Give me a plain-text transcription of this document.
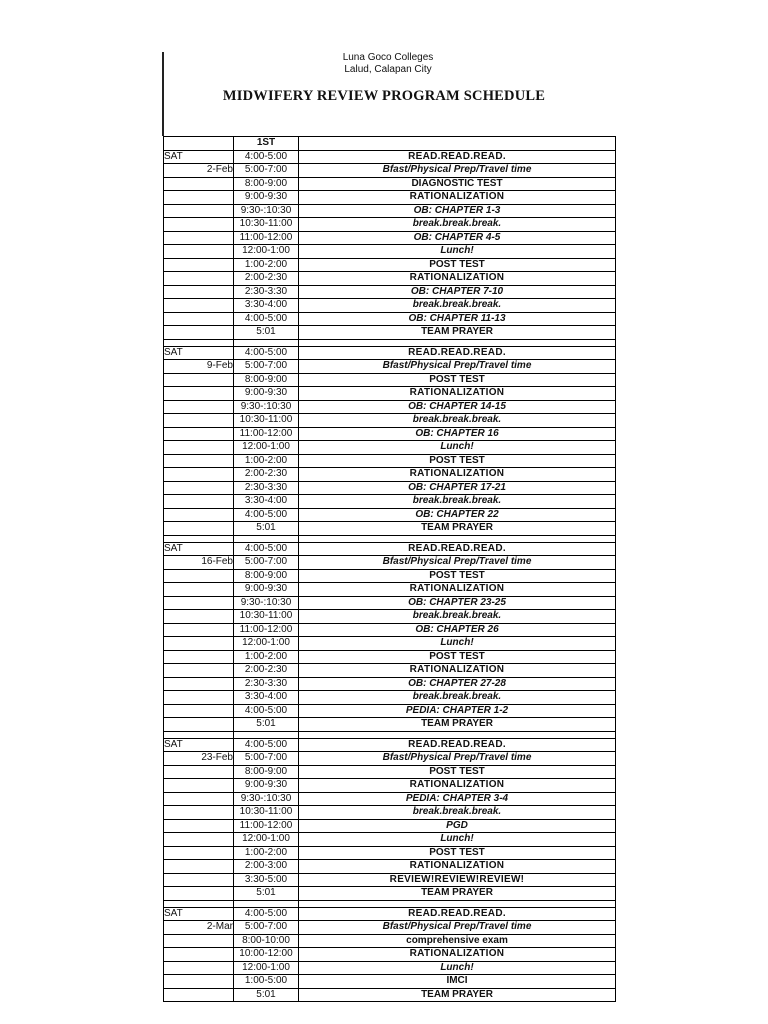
Luna Goco Colleges
Lalud, Calapan City
MIDWIFERY REVIEW PROGRAM SCHEDULE
	1ST	
SAT	4:00-5:00	READ.READ.READ.
2-Feb	5:00-7:00	Bfast/Physical Prep/Travel time
	8:00-9:00	DIAGNOSTIC TEST
	9:00-9:30	RATIONALIZATION
	9:30-:10:30	OB: CHAPTER 1-3
	10:30-11:00	break.break.break.
	11:00-12:00	OB: CHAPTER 4-5
	12:00-1:00	Lunch!
	1:00-2:00	POST TEST
	2:00-2:30	RATIONALIZATION
	2:30-3:30	OB: CHAPTER 7-10
	3:30-4:00	break.break.break.
	4:00-5:00	OB: CHAPTER 11-13
	5:01	TEAM PRAYER

SAT	4:00-5:00	READ.READ.READ.
9-Feb	5:00-7:00	Bfast/Physical Prep/Travel time
	8:00-9:00	POST TEST
	9:00-9:30	RATIONALIZATION
	9:30-:10:30	OB: CHAPTER 14-15
	10:30-11:00	break.break.break.
	11:00-12:00	OB: CHAPTER 16
	12:00-1:00	Lunch!
	1:00-2:00	POST TEST
	2:00-2:30	RATIONALIZATION
	2:30-3:30	OB: CHAPTER 17-21
	3:30-4:00	break.break.break.
	4:00-5:00	OB: CHAPTER 22
	5:01	TEAM PRAYER

SAT	4:00-5:00	READ.READ.READ.
16-Feb	5:00-7:00	Bfast/Physical Prep/Travel time
	8:00-9:00	POST TEST
	9:00-9:30	RATIONALIZATION
	9:30-:10:30	OB: CHAPTER 23-25
	10:30-11:00	break.break.break.
	11:00-12:00	OB: CHAPTER 26
	12:00-1:00	Lunch!
	1:00-2:00	POST TEST
	2:00-2:30	RATIONALIZATION
	2:30-3:30	OB: CHAPTER 27-28
	3:30-4:00	break.break.break.
	4:00-5:00	PEDIA: CHAPTER 1-2
	5:01	TEAM PRAYER

SAT	4:00-5:00	READ.READ.READ.
23-Feb	5:00-7:00	Bfast/Physical Prep/Travel time
	8:00-9:00	POST TEST
	9:00-9:30	RATIONALIZATION
	9:30-:10:30	PEDIA: CHAPTER 3-4
	10:30-11:00	break.break.break.
	11:00-12:00	PGD
	12:00-1:00	Lunch!
	1:00-2:00	POST TEST
	2:00-3:00	RATIONALIZATION
	3:30-5:00	REVIEW!REVIEW!REVIEW!
	5:01	TEAM PRAYER

SAT	4:00-5:00	READ.READ.READ.
2-Mar	5:00-7:00	Bfast/Physical Prep/Travel time
	8:00-10:00	comprehensive exam
	10:00-12:00	RATIONALIZATION
	12:00-1:00	Lunch!
	1:00-5:00	IMCI
	5:01	TEAM PRAYER
